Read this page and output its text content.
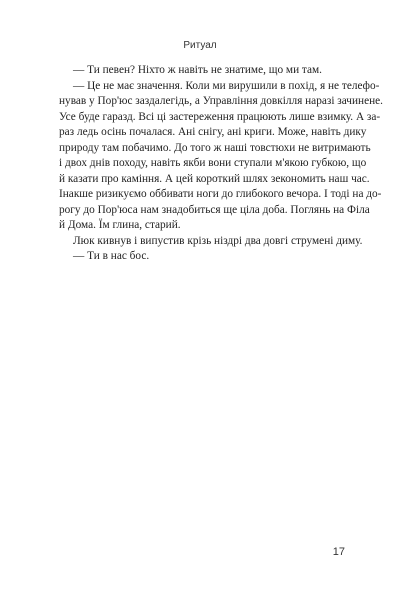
Ритуал
— Ти певен? Ніхто ж навіть не знатиме, що ми там.
— Це не має значення. Коли ми вирушили в похід, я не телефо-
нував у Пор'юс заздалегідь, а Управління довкілля наразі зачинене.
Усе буде гаразд. Всі ці застереження працюють лише взимку. А за-
раз ледь осінь почалася. Ані снігу, ані криги. Може, навіть дику
природу там побачимо. До того ж наші товстюхи не витримають
і двох днів походу, навіть якби вони ступали м'якою губкою, що
й казати про каміння. А цей короткий шлях зекономить наш час.
Інакше ризикуємо оббивати ноги до глибокого вечора. І тоді на до-
рогу до Пор'юса нам знадобиться ще ціла доба. Поглянь на Філа
й Дома. Їм глина, старий.
Люк кивнув і випустив крізь ніздрі два довгі струмені диму.
— Ти в нас бос.
17
